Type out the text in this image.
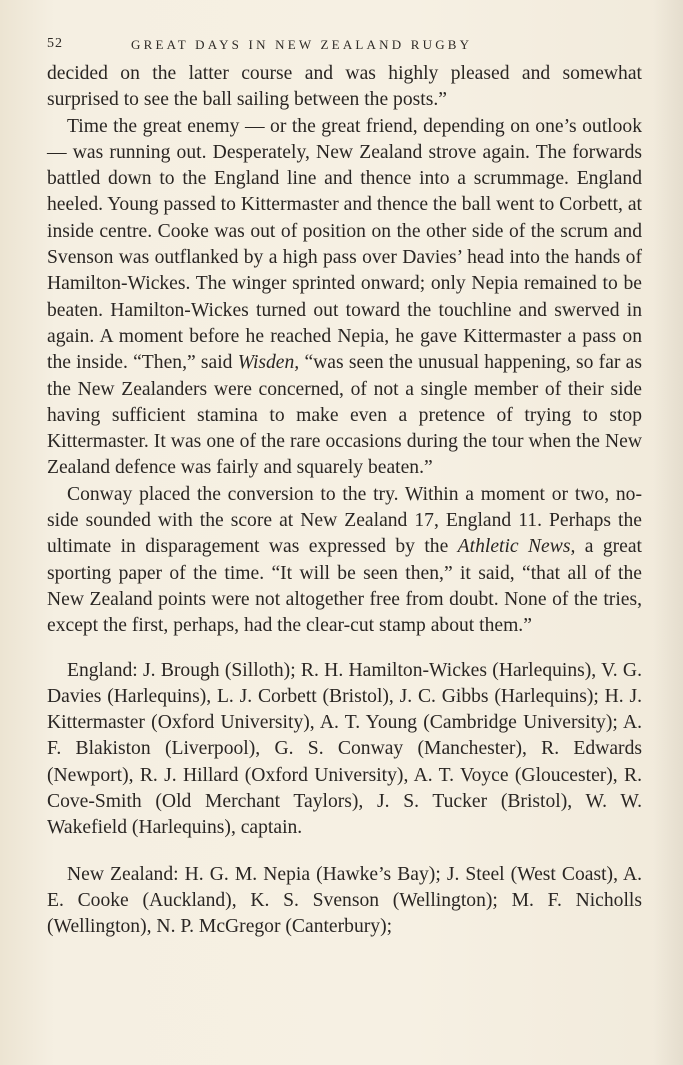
52	GREAT DAYS IN NEW ZEALAND RUGBY

decided on the latter course and was highly pleased and somewhat surprised to see the ball sailing between the posts.”

Time the great enemy — or the great friend, depending on one’s outlook — was running out. Desperately, New Zealand strove again. The forwards battled down to the England line and thence into a scrummage. England heeled. Young passed to Kittermaster and thence the ball went to Corbett, at inside centre. Cooke was out of position on the other side of the scrum and Svenson was outflanked by a high pass over Davies’ head into the hands of Hamilton-Wickes. The winger sprinted onward; only Nepia remained to be beaten. Hamilton-Wickes turned out toward the touchline and swerved in again. A moment before he reached Nepia, he gave Kittermaster a pass on the inside. “Then,” said Wisden, “was seen the unusual happening, so far as the New Zealanders were concerned, of not a single member of their side having sufficient stamina to make even a pretence of trying to stop Kittermaster. It was one of the rare occasions during the tour when the New Zealand defence was fairly and squarely beaten.”

Conway placed the conversion to the try. Within a moment or two, no-side sounded with the score at New Zealand 17, England 11. Perhaps the ultimate in disparagement was expressed by the Athletic News, a great sporting paper of the time. “It will be seen then,” it said, “that all of the New Zealand points were not altogether free from doubt. None of the tries, except the first, perhaps, had the clear-cut stamp about them.”

England: J. Brough (Silloth); R. H. Hamilton-Wickes (Harlequins), V. G. Davies (Harlequins), L. J. Corbett (Bristol), J. C. Gibbs (Harlequins); H. J. Kittermaster (Oxford University), A. T. Young (Cambridge University); A. F. Blakiston (Liverpool), G. S. Conway (Manchester), R. Edwards (Newport), R. J. Hillard (Oxford University), A. T. Voyce (Gloucester), R. Cove-Smith (Old Merchant Taylors), J. S. Tucker (Bristol), W. W. Wakefield (Harlequins), captain.

New Zealand: H. G. M. Nepia (Hawke’s Bay); J. Steel (West Coast), A. E. Cooke (Auckland), K. S. Svenson (Wellington); M. F. Nicholls (Wellington), N. P. McGregor (Canterbury);
